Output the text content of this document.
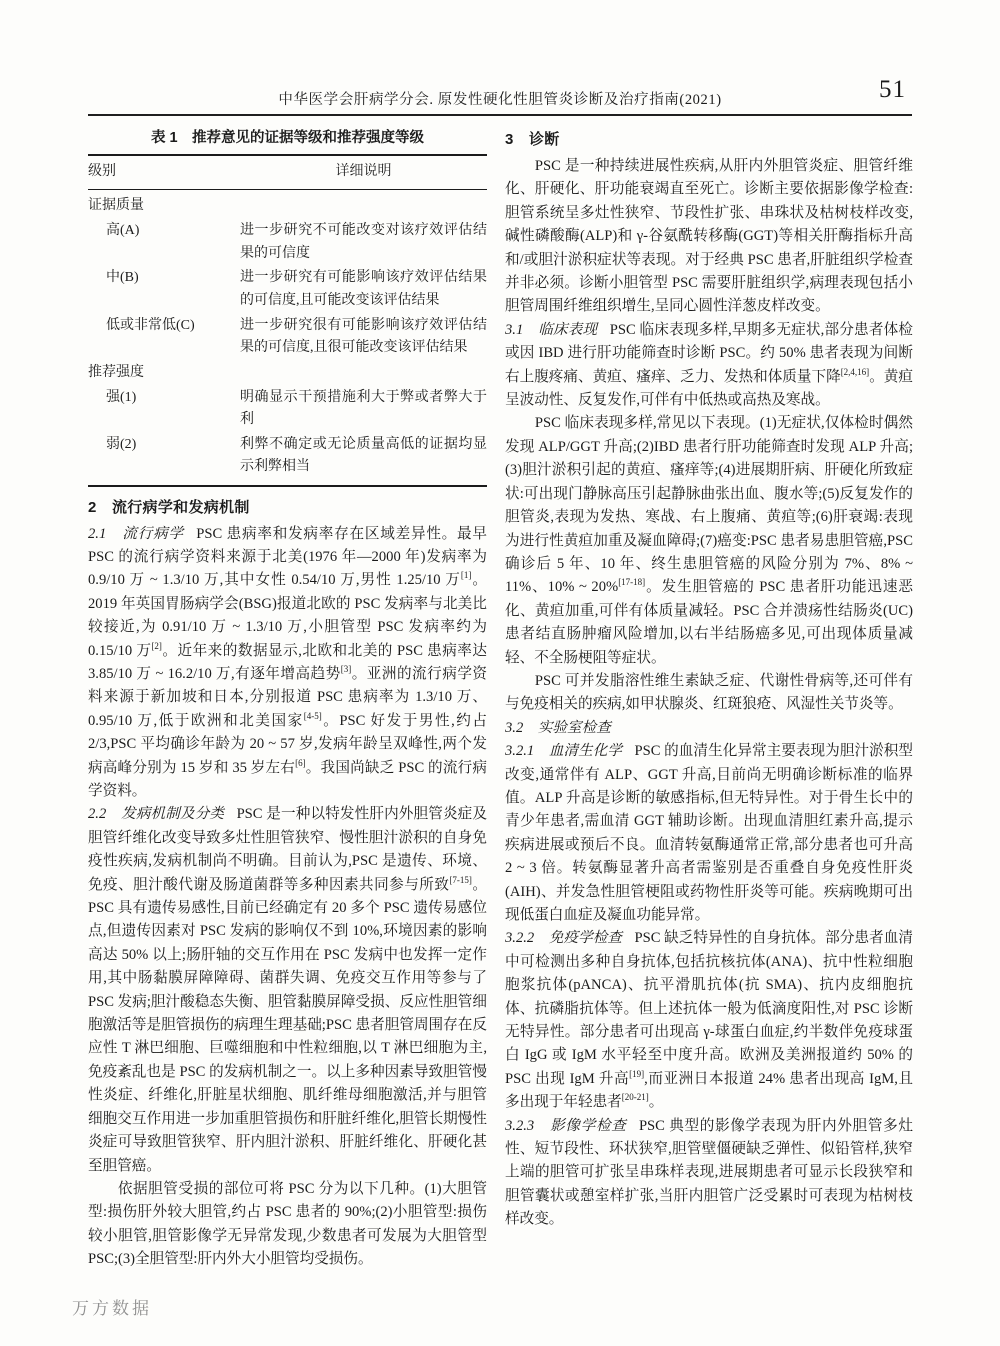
中华医学会肝病学分会. 原发性硬化性胆管炎诊断及治疗指南(2021)	51
表 1　推荐意见的证据等级和推荐强度等级
级别	详细说明
证据质量	
高(A)	进一步研究不可能改变对该疗效评估结果的可信度
中(B)	进一步研究有可能影响该疗效评估结果的可信度,且可能改变该评估结果
低或非常低(C)	进一步研究很有可能影响该疗效评估结果的可信度,且很可能改变该评估结果
推荐强度	
强(1)	明确显示干预措施利大于弊或者弊大于利
弱(2)	利弊不确定或无论质量高低的证据均显示利弊相当
2　流行病学和发病机制

2.1　流行病学 PSC 患病率和发病率存在区域差异性。最早 PSC 的流行病学资料来源于北美(1976 年—2000 年)发病率为 0.9/10 万 ~ 1.3/10 万,其中女性 0.54/10 万,男性 1.25/10 万[1]。2019 年英国胃肠病学会(BSG)报道北欧的 PSC 发病率与北美比较接近,为 0.91/10 万 ~ 1.3/10 万,小胆管型 PSC 发病率约为 0.15/10 万[2]。近年来的数据显示,北欧和北美的 PSC 患病率达 3.85/10 万 ~ 16.2/10 万,有逐年增高趋势[3]。亚洲的流行病学资料来源于新加坡和日本,分别报道 PSC 患病率为 1.3/10 万、0.95/10 万,低于欧洲和北美国家[4-5]。PSC 好发于男性,约占 2/3,PSC 平均确诊年龄为 20 ~ 57 岁,发病年龄呈双峰性,两个发病高峰分别为 15 岁和 35 岁左右[6]。我国尚缺乏 PSC 的流行病学资料。

2.2　发病机制及分类 PSC 是一种以特发性肝内外胆管炎症及胆管纤维化改变导致多灶性胆管狭窄、慢性胆汁淤积的自身免疫性疾病,发病机制尚不明确。目前认为,PSC 是遗传、环境、免疫、胆汁酸代谢及肠道菌群等多种因素共同参与所致[7-15]。PSC 具有遗传易感性,目前已经确定有 20 多个 PSC 遗传易感位点,但遗传因素对 PSC 发病的影响仅不到 10%,环境因素的影响高达 50% 以上;肠肝轴的交互作用在 PSC 发病中也发挥一定作用,其中肠黏膜屏障障碍、菌群失调、免疫交互作用等参与了 PSC 发病;胆汁酸稳态失衡、胆管黏膜屏障受损、反应性胆管细胞激活等是胆管损伤的病理生理基础;PSC 患者胆管周围存在反应性 T 淋巴细胞、巨噬细胞和中性粒细胞,以 T 淋巴细胞为主,免疫紊乱也是 PSC 的发病机制之一。以上多种因素导致胆管慢性炎症、纤维化,肝脏星状细胞、肌纤维母细胞激活,并与胆管细胞交互作用进一步加重胆管损伤和肝脏纤维化,胆管长期慢性炎症可导致胆管狭窄、肝内胆汁淤积、肝脏纤维化、肝硬化甚至胆管癌。

依据胆管受损的部位可将 PSC 分为以下几种。(1)大胆管型:损伤肝外较大胆管,约占 PSC 患者的 90%;(2)小胆管型:损伤较小胆管,胆管影像学无异常发现,少数患者可发展为大胆管型 PSC;(3)全胆管型:肝内外大小胆管均受损伤。

3　诊断

PSC 是一种持续进展性疾病,从肝内外胆管炎症、胆管纤维化、肝硬化、肝功能衰竭直至死亡。诊断主要依据影像学检查:胆管系统呈多灶性狭窄、节段性扩张、串珠状及枯树枝样改变,碱性磷酸酶(ALP)和 γ-谷氨酰转移酶(GGT)等相关肝酶指标升高和/或胆汁淤积症状等表现。对于经典 PSC 患者,肝脏组织学检查并非必须。诊断小胆管型 PSC 需要肝脏组织学,病理表现包括小胆管周围纤维组织增生,呈同心圆性洋葱皮样改变。

3.1　临床表现 PSC 临床表现多样,早期多无症状,部分患者体检或因 IBD 进行肝功能筛查时诊断 PSC。约 50% 患者表现为间断右上腹疼痛、黄疸、瘙痒、乏力、发热和体质量下降[2,4,16]。黄疸呈波动性、反复发作,可伴有中低热或高热及寒战。

PSC 临床表现多样,常见以下表现。(1)无症状,仅体检时偶然发现 ALP/GGT 升高;(2)IBD 患者行肝功能筛查时发现 ALP 升高;(3)胆汁淤积引起的黄疸、瘙痒等;(4)进展期肝病、肝硬化所致症状:可出现门静脉高压引起静脉曲张出血、腹水等;(5)反复发作的胆管炎,表现为发热、寒战、右上腹痛、黄疸等;(6)肝衰竭:表现为进行性黄疸加重及凝血障碍;(7)癌变:PSC 患者易患胆管癌,PSC 确诊后 5 年、10 年、终生患胆管癌的风险分别为 7%、8% ~ 11%、10% ~ 20%[17-18]。发生胆管癌的 PSC 患者肝功能迅速恶化、黄疸加重,可伴有体质量减轻。PSC 合并溃疡性结肠炎(UC)患者结直肠肿瘤风险增加,以右半结肠癌多见,可出现体质量减轻、不全肠梗阻等症状。

PSC 可并发脂溶性维生素缺乏症、代谢性骨病等,还可伴有与免疫相关的疾病,如甲状腺炎、红斑狼疮、风湿性关节炎等。

3.2　实验室检查

3.2.1　血清生化学 PSC 的血清生化异常主要表现为胆汁淤积型改变,通常伴有 ALP、GGT 升高,目前尚无明确诊断标准的临界值。ALP 升高是诊断的敏感指标,但无特异性。对于骨生长中的青少年患者,需血清 GGT 辅助诊断。出现血清胆红素升高,提示疾病进展或预后不良。血清转氨酶通常正常,部分患者也可升高 2 ~ 3 倍。转氨酶显著升高者需鉴别是否重叠自身免疫性肝炎(AIH)、并发急性胆管梗阻或药物性肝炎等可能。疾病晚期可出现低蛋白血症及凝血功能异常。

3.2.2　免疫学检查 PSC 缺乏特异性的自身抗体。部分患者血清中可检测出多种自身抗体,包括抗核抗体(ANA)、抗中性粒细胞胞浆抗体(pANCA)、抗平滑肌抗体(抗 SMA)、抗内皮细胞抗体、抗磷脂抗体等。但上述抗体一般为低滴度阳性,对 PSC 诊断无特异性。部分患者可出现高 γ-球蛋白血症,约半数伴免疫球蛋白 IgG 或 IgM 水平轻至中度升高。欧洲及美洲报道约 50% 的 PSC 出现 IgM 升高[19],而亚洲日本报道 24% 患者出现高 IgM,且多出现于年轻患者[20-21]。

3.2.3　影像学检查 PSC 典型的影像学表现为肝内外胆管多灶性、短节段性、环状狭窄,胆管壁僵硬缺乏弹性、似铅管样,狭窄上端的胆管可扩张呈串珠样表现,进展期患者可显示长段狭窄和胆管囊状或憩室样扩张,当肝内胆管广泛受累时可表现为枯树枝样改变。

万方数据
